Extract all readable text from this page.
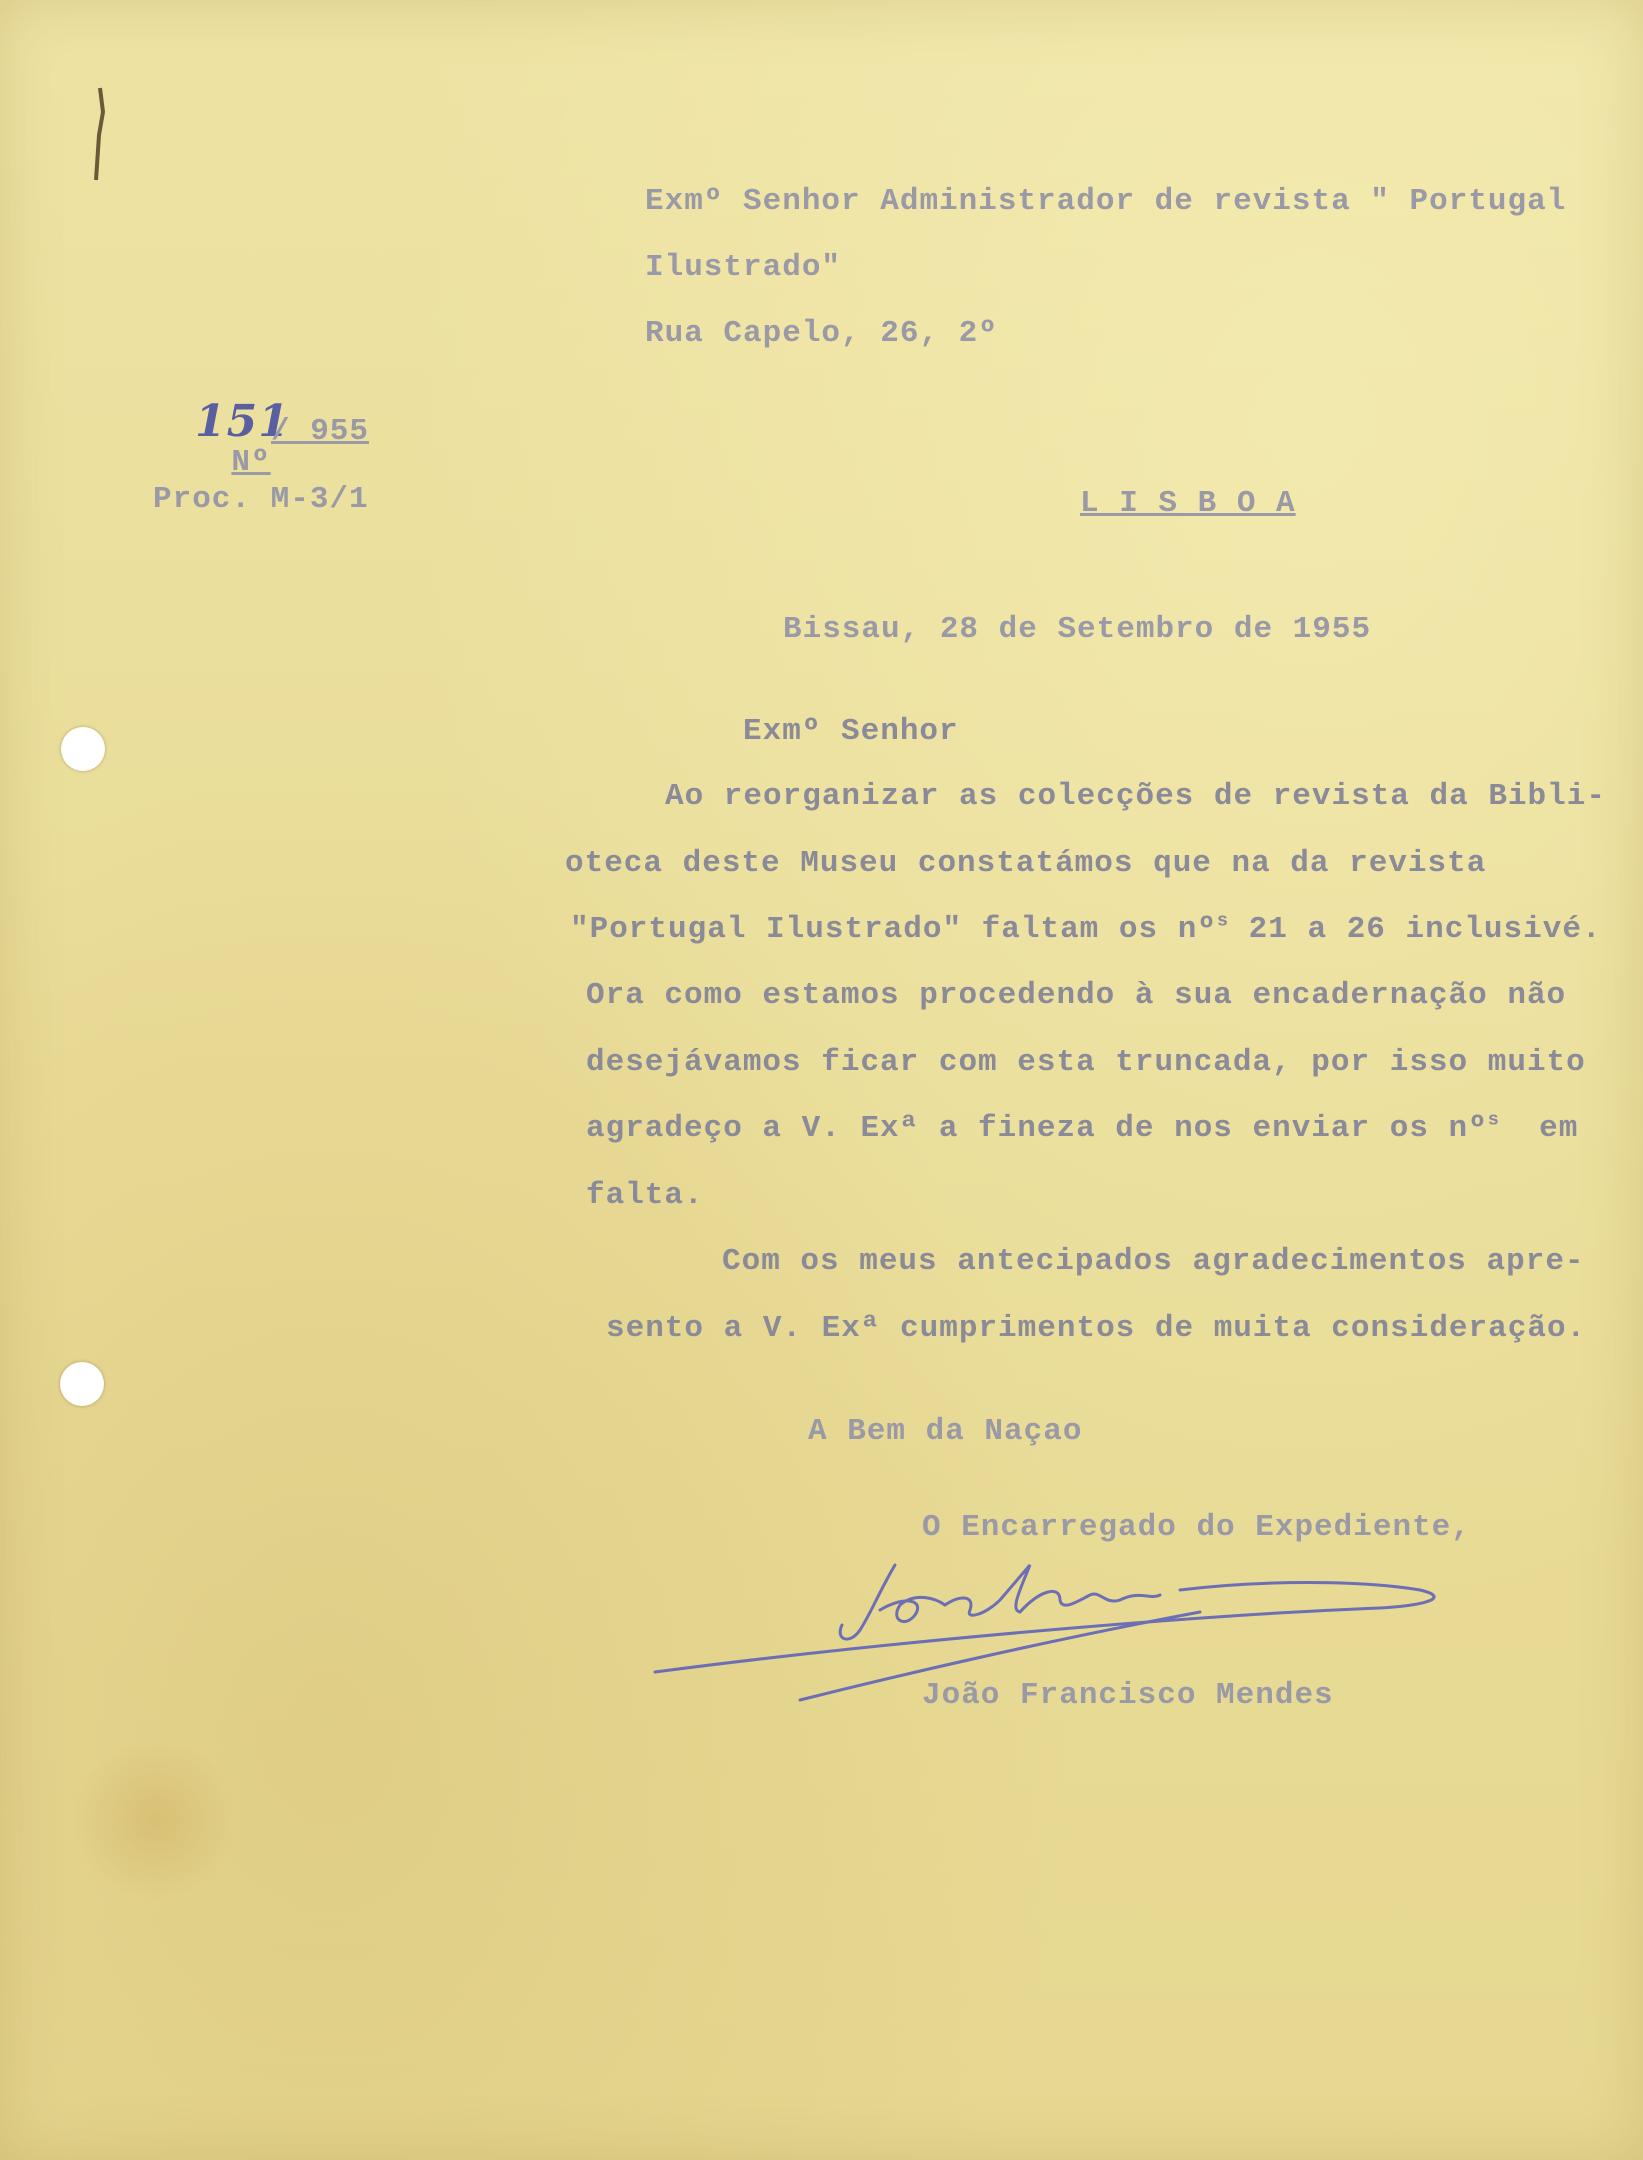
Exmº Senhor Administrador de revista " Portugal
Ilustrado"
Rua Capelo, 26, 2º

Nº

151

/ 955

Proc. M-3/1	L I S B O A
Bissau, 28 de Setembro de 1955
Exmº Senhor
Ao reorganizar as colecções de revista da Bibli-
oteca deste Museu constatámos que na da revista
"Portugal Ilustrado" faltam os nº$^s$ 21 a 26 inclusivé.
Ora como estamos procedendo à sua encadernação não
desejávamos ficar com esta truncada, por isso muito
agradeço a V. Exª a fineza de nos enviar os nº$^s$  em
falta.
Com os meus antecipados agradecimentos apre-
sento a V. Exª cumprimentos de muita consideração.
A Bem da Naçao
O Encarregado do Expediente,
João Francisco Mendes
